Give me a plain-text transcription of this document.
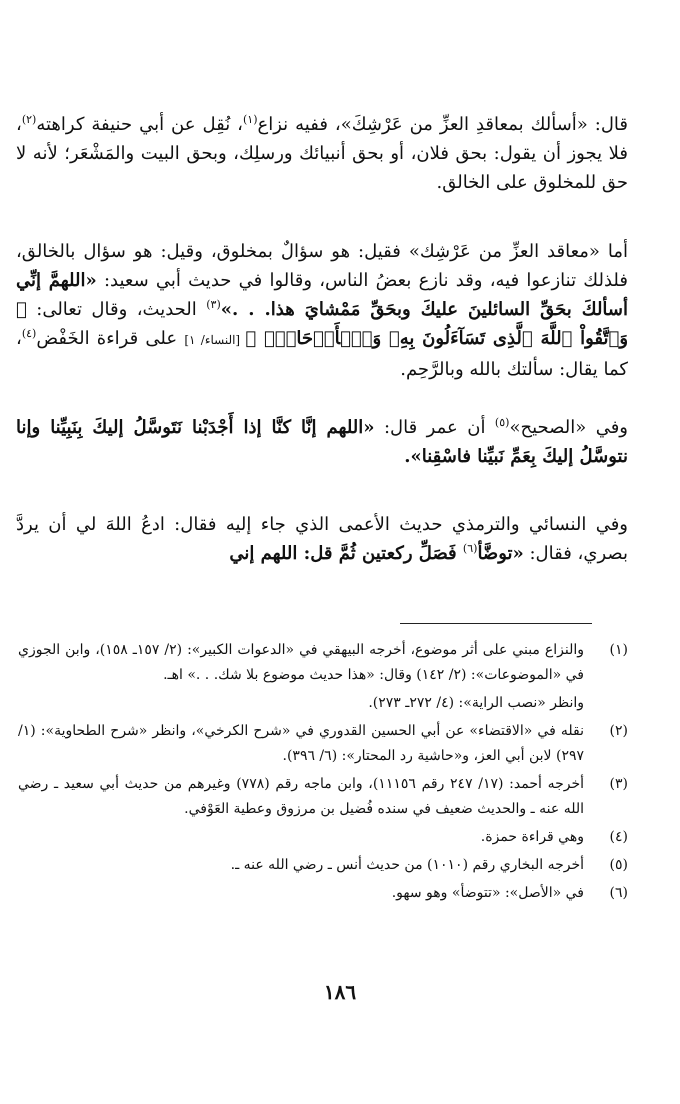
قال: «أسألك بمعاقدِ العزِّ من عَرْشِكَ»، ففيه نزاع$^{(١)}$، نُقِل عن أبي حنيفة كراهته$^{(٢)}$، فلا يجوز أن يقول: بحق فلان، أو بحق أنبيائك ورسلِك، وبحق البيت والمَشْعَر؛ لأنه لا حق للمخلوق على الخالق.

أما «معاقد العزِّ من عَرْشِك» فقيل: هو سؤالٌ بمخلوق، وقيل: هو سؤال بالخالق، فلذلك تنازعوا فيه، وقد نازع بعضُ الناس، وقالوا في حديث أبي سعيد: «اللهمَّ إنِّي أسألكَ بحَقِّ السائلينَ عليكَ وبحَقِّ مَمْشايَ هذا. . .»$^{(٣)}$ الحديث، وقال تعالى: ﴿ وَٱتَّقُواْ ٱللَّهَ ٱلَّذِى تَسَآءَلُونَ بِهِۦ وَٱلۡأَرۡحَامَۚ ﴾ [النساء/ ١] على قراءة الخَفْض$^{(٤)}$، كما يقال: سألتك بالله وبالرَّحِم.

وفي «الصحيح»$^{(٥)}$ أن عمر قال: «اللهم إنَّا كنَّا إذا أَجْدَبْنا نَتَوسَّلُ إليكَ بِنَبِيِّنا وإنا نتوسَّلُ إليكَ بِعَمِّ نَبيِّنا فاسْقِنا».

وفي النسائي والترمذي حديث الأعمى الذي جاء إليه فقال: ادعُ اللهَ لي أن يردَّ بصري، فقال: «توضَّأ$^{(٦)}$ فَصَلِّ ركعتين ثُمَّ قل: اللهم إني

(١)
والنزاع مبني على أثر موضوع، أخرجه البيهقي في «الدعوات الكبير»: (٢/ ١٥٧ـ ١٥٨)، وابن الجوزي في «الموضوعات»: (٢/ ١٤٢) وقال: «هذا حديث موضوع بلا شك. . .» اهـ.
وانظر «نصب الراية»: (٤/ ٢٧٢ـ ٢٧٣).
(٢)
نقله في «الاقتضاء» عن أبي الحسين القدوري في «شرح الكرخي»، وانظر «شرح الطحاوية»: (١/ ٢٩٧) لابن أبي العز، و«حاشية رد المحتار»: (٦/ ٣٩٦).
(٣)
أخرجه أحمد: (١٧/ ٢٤٧ رقم ١١١٥٦)، وابن ماجه رقم (٧٧٨) وغيرهم من حديث أبي سعيد ـ رضي الله عنه ـ والحديث ضعيف في سنده فُضيل بن مرزوق وعطية العَوْفي.
(٤)
وهي قراءة حمزة.
(٥)
أخرجه البخاري رقم (١٠١٠) من حديث أنس ـ رضي الله عنه ـ.
(٦)
في «الأصل»: «تتوضأ» وهو سهو.
١٨٦
